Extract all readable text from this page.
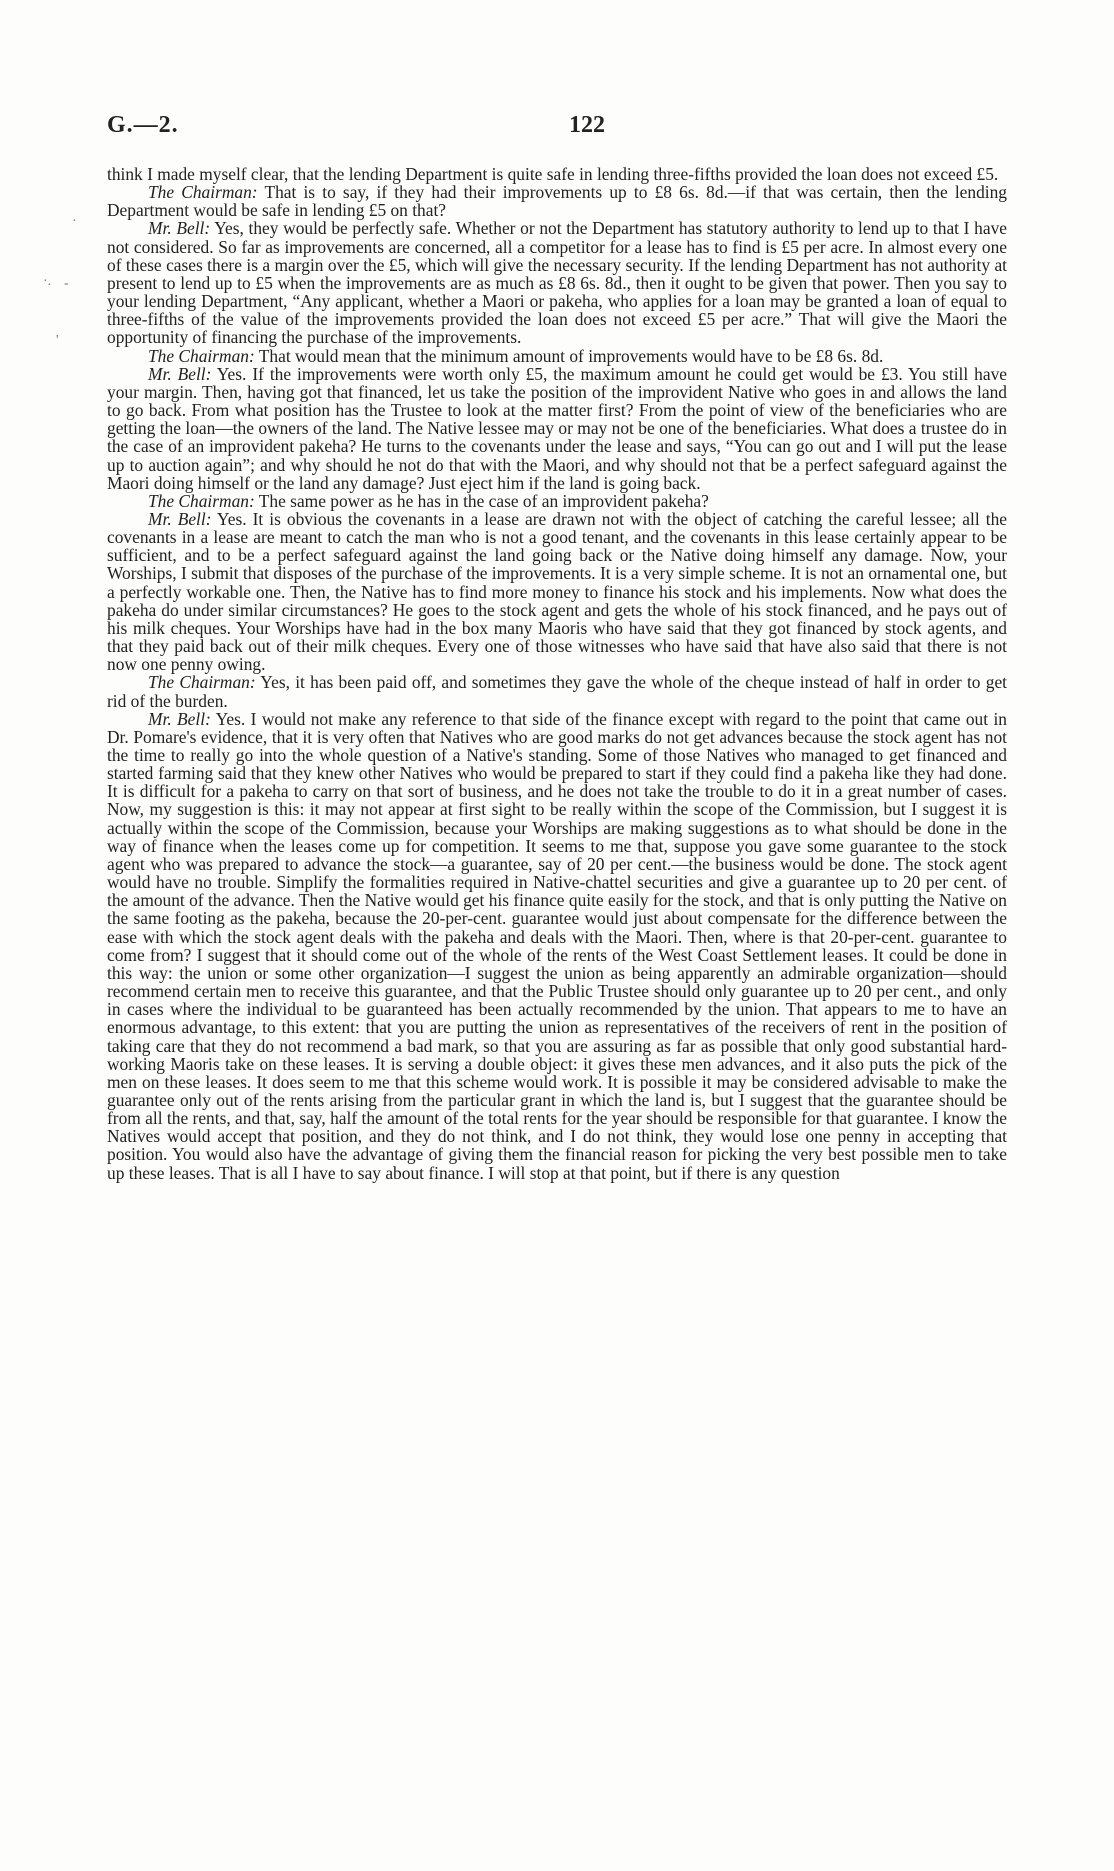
·
·. -
'
G.—2.	122

think I made myself clear, that the lending Department is quite safe in lending three-fifths provided the loan does not exceed £5.

The Chairman: That is to say, if they had their improvements up to £8 6s. 8d.—if that was certain, then the lending Department would be safe in lending £5 on that?

Mr. Bell: Yes, they would be perfectly safe. Whether or not the Department has statutory authority to lend up to that I have not considered. So far as improvements are concerned, all a competitor for a lease has to find is £5 per acre. In almost every one of these cases there is a margin over the £5, which will give the necessary security. If the lending Department has not authority at present to lend up to £5 when the improvements are as much as £8 6s. 8d., then it ought to be given that power. Then you say to your lending Department, “Any applicant, whether a Maori or pakeha, who applies for a loan may be granted a loan of equal to three-fifths of the value of the improvements provided the loan does not exceed £5 per acre.” That will give the Maori the opportunity of financing the purchase of the improvements.

The Chairman: That would mean that the minimum amount of improvements would have to be £8 6s. 8d.

Mr. Bell: Yes. If the improvements were worth only £5, the maximum amount he could get would be £3. You still have your margin. Then, having got that financed, let us take the position of the improvident Native who goes in and allows the land to go back. From what position has the Trustee to look at the matter first? From the point of view of the beneficiaries who are getting the loan—the owners of the land. The Native lessee may or may not be one of the beneficiaries. What does a trustee do in the case of an improvident pakeha? He turns to the covenants under the lease and says, “You can go out and I will put the lease up to auction again”; and why should he not do that with the Maori, and why should not that be a perfect safeguard against the Maori doing himself or the land any damage? Just eject him if the land is going back.

The Chairman: The same power as he has in the case of an improvident pakeha?

Mr. Bell: Yes. It is obvious the covenants in a lease are drawn not with the object of catching the careful lessee; all the covenants in a lease are meant to catch the man who is not a good tenant, and the covenants in this lease certainly appear to be sufficient, and to be a perfect safeguard against the land going back or the Native doing himself any damage. Now, your Worships, I submit that disposes of the purchase of the improvements. It is a very simple scheme. It is not an ornamental one, but a perfectly workable one. Then, the Native has to find more money to finance his stock and his implements. Now what does the pakeha do under similar circumstances? He goes to the stock agent and gets the whole of his stock financed, and he pays out of his milk cheques. Your Worships have had in the box many Maoris who have said that they got financed by stock agents, and that they paid back out of their milk cheques. Every one of those witnesses who have said that have also said that there is not now one penny owing.

The Chairman: Yes, it has been paid off, and sometimes they gave the whole of the cheque instead of half in order to get rid of the burden.

Mr. Bell: Yes. I would not make any reference to that side of the finance except with regard to the point that came out in Dr. Pomare's evidence, that it is very often that Natives who are good marks do not get advances because the stock agent has not the time to really go into the whole question of a Native's standing. Some of those Natives who managed to get financed and started farming said that they knew other Natives who would be prepared to start if they could find a pakeha like they had done. It is difficult for a pakeha to carry on that sort of business, and he does not take the trouble to do it in a great number of cases. Now, my suggestion is this: it may not appear at first sight to be really within the scope of the Commission, but I suggest it is actually within the scope of the Commission, because your Worships are making suggestions as to what should be done in the way of finance when the leases come up for competition. It seems to me that, suppose you gave some guarantee to the stock agent who was prepared to advance the stock—a guarantee, say of 20 per cent.—the business would be done. The stock agent would have no trouble. Simplify the formalities required in Native-chattel securities and give a guarantee up to 20 per cent. of the amount of the advance. Then the Native would get his finance quite easily for the stock, and that is only putting the Native on the same footing as the pakeha, because the 20-per-cent. guarantee would just about compensate for the difference between the ease with which the stock agent deals with the pakeha and deals with the Maori. Then, where is that 20-per-cent. guarantee to come from? I suggest that it should come out of the whole of the rents of the West Coast Settlement leases. It could be done in this way: the union or some other organization—I suggest the union as being apparently an admirable organization—should recommend certain men to receive this guarantee, and that the Public Trustee should only guarantee up to 20 per cent., and only in cases where the individual to be guaranteed has been actually recommended by the union. That appears to me to have an enormous advantage, to this extent: that you are putting the union as representatives of the receivers of rent in the position of taking care that they do not recommend a bad mark, so that you are assuring as far as possible that only good substantial hard-working Maoris take on these leases. It is serving a double object: it gives these men advances, and it also puts the pick of the men on these leases. It does seem to me that this scheme would work. It is possible it may be considered advisable to make the guarantee only out of the rents arising from the particular grant in which the land is, but I suggest that the guarantee should be from all the rents, and that, say, half the amount of the total rents for the year should be responsible for that guarantee. I know the Natives would accept that position, and they do not think, and I do not think, they would lose one penny in accepting that position. You would also have the advantage of giving them the financial reason for picking the very best possible men to take up these leases. That is all I have to say about finance. I will stop at that point, but if there is any question
